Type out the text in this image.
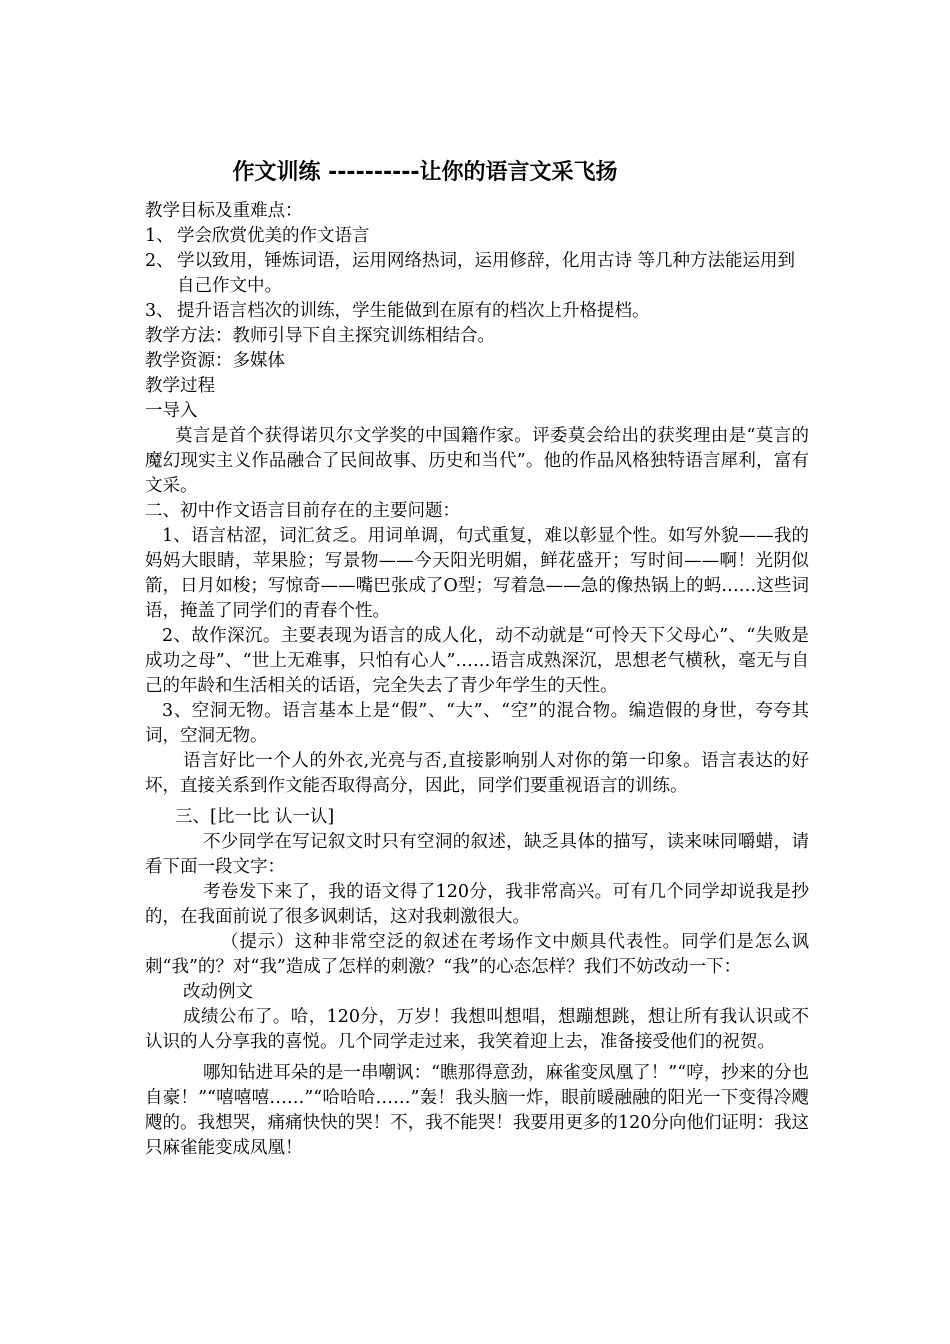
作文训练 ----------让你的语言文采飞扬

教学目标及重难点：

1、 学会欣赏优美的作文语言
2、 学以致用，锤炼词语，运用网络热词，运用修辞，化用古诗 等几种方法能运用到自己作文中。
3、 提升语言档次的训练，学生能做到在原有的档次上升格提档。

教学方法：教师引导下自主探究训练相结合。

教学资源：多媒体

教学过程

一导入

莫言是首个获得诺贝尔文学奖的中国籍作家。评委莫会给出的获奖理由是“莫言的魔幻现实主义作品融合了民间故事、历史和当代”。他的作品风格独特语言犀利，富有文采。

二、初中作文语言目前存在的主要问题：

1、语言枯涩，词汇贫乏。用词单调，句式重复，难以彰显个性。如写外貌——我的妈妈大眼睛，苹果脸；写景物——今天阳光明媚，鲜花盛开；写时间——啊！光阴似箭，日月如梭；写惊奇——嘴巴张成了O型；写着急——急的像热锅上的蚂……这些词语，掩盖了同学们的青春个性。

2、故作深沉。主要表现为语言的成人化，动不动就是“可怜天下父母心”、“失败是成功之母”、“世上无难事，只怕有心人”……语言成熟深沉，思想老气横秋，毫无与自己的年龄和生活相关的话语，完全失去了青少年学生的天性。

3、空洞无物。语言基本上是“假”、“大”、“空”的混合物。编造假的身世，夸夸其词，空洞无物。

语言好比一个人的外衣,光亮与否,直接影响别人对你的第一印象。语言表达的好坏，直接关系到作文能否取得高分，因此，同学们要重视语言的训练。

三、[比一比 认一认]

不少同学在写记叙文时只有空洞的叙述，缺乏具体的描写，读来味同嚼蜡，请看下面一段文字：

考卷发下来了，我的语文得了120分，我非常高兴。可有几个同学却说我是抄的，在我面前说了很多讽刺话，这对我刺激很大。

（提示）这种非常空泛的叙述在考场作文中颇具代表性。同学们是怎么讽刺“我”的？对“我”造成了怎样的刺激？“我”的心态怎样？我们不妨改动一下：

改动例文

成绩公布了。哈，120分，万岁！我想叫想唱，想蹦想跳，想让所有我认识或不认识的人分享我的喜悦。几个同学走过来，我笑着迎上去，准备接受他们的祝贺。

哪知钻进耳朵的是一串嘲讽：“瞧那得意劲，麻雀变凤凰了！”“哼，抄来的分也自豪！”“嘻嘻嘻……”“哈哈哈……”轰！我头脑一炸，眼前暖融融的阳光一下变得冷飕飕的。我想哭，痛痛快快的哭！不，我不能哭！我要用更多的120分向他们证明：我这只麻雀能变成凤凰！
